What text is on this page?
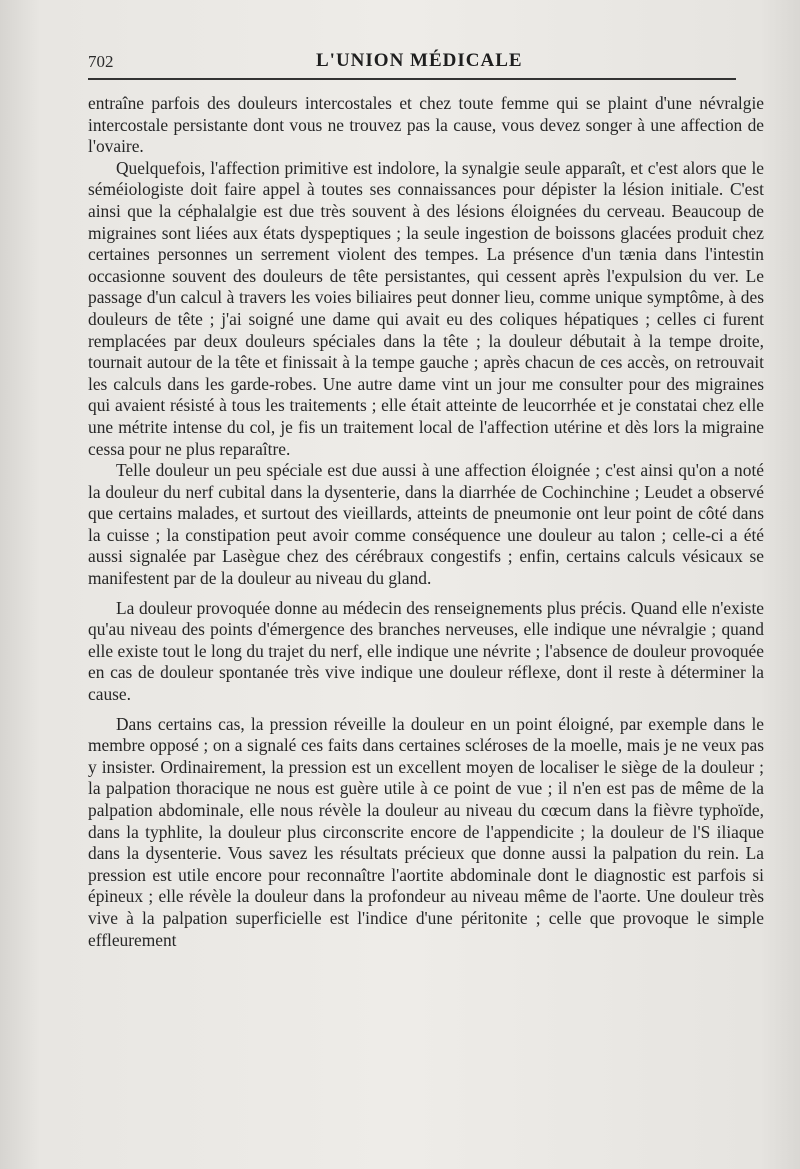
702	L'UNION MÉDICALE

entraîne parfois des douleurs intercostales et chez toute femme qui se plaint d'une névralgie intercostale persistante dont vous ne trouvez pas la cause, vous devez songer à une affection de l'ovaire.

Quelquefois, l'affection primitive est indolore, la synalgie seule apparaît, et c'est alors que le séméiologiste doit faire appel à toutes ses connaissances pour dépister la lésion initiale. C'est ainsi que la céphalalgie est due très souvent à des lésions éloignées du cerveau. Beaucoup de migraines sont liées aux états dyspeptiques ; la seule ingestion de boissons glacées produit chez certaines personnes un serrement violent des tempes. La présence d'un tænia dans l'intestin occasionne souvent des douleurs de tête persistantes, qui cessent après l'expulsion du ver. Le passage d'un calcul à travers les voies biliaires peut donner lieu, comme unique symptôme, à des douleurs de tête ; j'ai soigné une dame qui avait eu des coliques hépatiques ; celles ci furent remplacées par deux douleurs spéciales dans la tête ; la douleur débutait à la tempe droite, tournait autour de la tête et finissait à la tempe gauche ; après chacun de ces accès, on retrouvait les calculs dans les garde-robes. Une autre dame vint un jour me consulter pour des migraines qui avaient résisté à tous les traitements ; elle était atteinte de leucorrhée et je constatai chez elle une métrite intense du col, je fis un traitement local de l'affection utérine et dès lors la migraine cessa pour ne plus reparaître.

Telle douleur un peu spéciale est due aussi à une affection éloignée ; c'est ainsi qu'on a noté la douleur du nerf cubital dans la dysenterie, dans la diarrhée de Cochinchine ; Leudet a observé que certains malades, et surtout des vieillards, atteints de pneumonie ont leur point de côté dans la cuisse ; la constipation peut avoir comme conséquence une douleur au talon ; celle-ci a été aussi signalée par Lasègue chez des cérébraux congestifs ; enfin, certains calculs vésicaux se manifestent par de la douleur au niveau du gland.

La douleur provoquée donne au médecin des renseignements plus précis. Quand elle n'existe qu'au niveau des points d'émergence des branches nerveuses, elle indique une névralgie ; quand elle existe tout le long du trajet du nerf, elle indique une névrite ; l'absence de douleur provoquée en cas de douleur spontanée très vive indique une douleur réflexe, dont il reste à déterminer la cause.

Dans certains cas, la pression réveille la douleur en un point éloigné, par exemple dans le membre opposé ; on a signalé ces faits dans certaines scléroses de la moelle, mais je ne veux pas y insister. Ordinairement, la pression est un excellent moyen de localiser le siège de la douleur ; la palpation thoracique ne nous est guère utile à ce point de vue ; il n'en est pas de même de la palpation abdominale, elle nous révèle la douleur au niveau du cœcum dans la fièvre typhoïde, dans la typhlite, la douleur plus circonscrite encore de l'appendicite ; la douleur de l'S iliaque dans la dysenterie. Vous savez les résultats précieux que donne aussi la palpation du rein. La pression est utile encore pour reconnaître l'aortite abdominale dont le diagnostic est parfois si épineux ; elle révèle la douleur dans la profondeur au niveau même de l'aorte. Une douleur très vive à la palpation superficielle est l'indice d'une péritonite ; celle que provoque le simple effleurement
